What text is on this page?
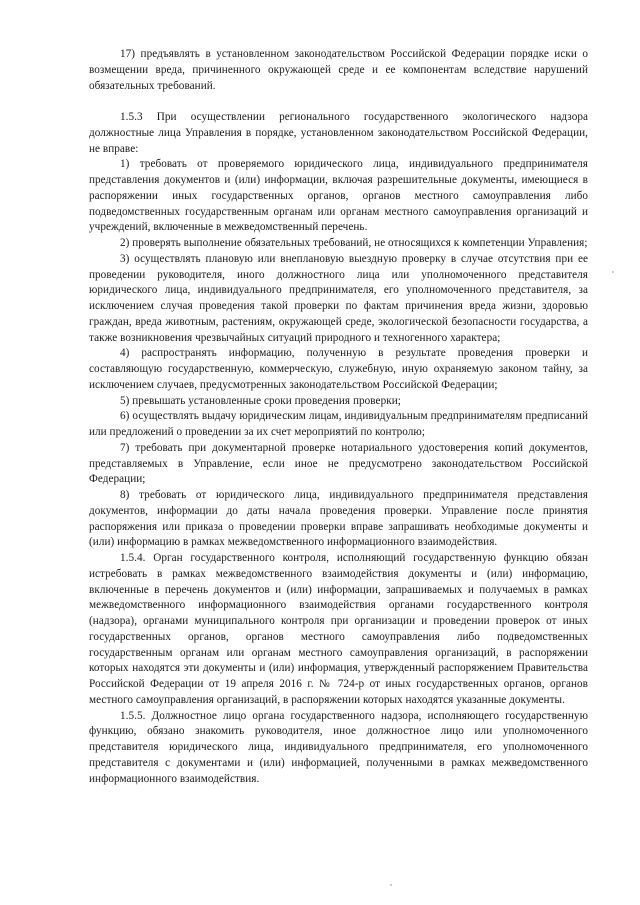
17) предъявлять в установленном законодательством Российской Федерации порядке иски о возмещении вреда, причиненного окружающей среде и ее компонентам вследствие нарушений обязательных требований.

1.5.3 При осуществлении регионального государственного экологического надзора должностные лица Управления в порядке, установленном законодательством Российской Федерации, не вправе:

1) требовать от проверяемого юридического лица, индивидуального предпринимателя представления документов и (или) информации, включая разрешительные документы, имеющиеся в распоряжении иных государственных органов, органов местного самоуправления либо подведомственных государственным органам или органам местного самоуправления организаций и учреждений, включенные в межведомственный перечень.

2) проверять выполнение обязательных требований, не относящихся к компетенции Управления;

3) осуществлять плановую или внеплановую выездную проверку в случае отсутствия при ее проведении руководителя, иного должностного лица или уполномоченного представителя юридического лица, индивидуального предпринимателя, его уполномоченного представителя, за исключением случая проведения такой проверки по фактам причинения вреда жизни, здоровью граждан, вреда животным, растениям, окружающей среде, экологической безопасности государства, а также возникновения чрезвычайных ситуаций природного и техногенного характера;

4) распространять информацию, полученную в результате проведения проверки и составляющую государственную, коммерческую, служебную, иную охраняемую законом тайну, за исключением случаев, предусмотренных законодательством Российской Федерации;

5) превышать установленные сроки проведения проверки;

6) осуществлять выдачу юридическим лицам, индивидуальным предпринимателям предписаний или предложений о проведении за их счет мероприятий по контролю;

7) требовать при документарной проверке нотариального удостоверения копий документов, представляемых в Управление, если иное не предусмотрено законодательством Российской Федерации;

8) требовать от юридического лица, индивидуального предпринимателя представления документов, информации до даты начала проведения проверки. Управление после принятия распоряжения или приказа о проведении проверки вправе запрашивать необходимые документы и (или) информацию в рамках межведомственного информационного взаимодействия.

1.5.4. Орган государственного контроля, исполняющий государственную функцию обязан истребовать в рамках межведомственного взаимодействия документы и (или) информацию, включенные в перечень документов и (или) информации, запрашиваемых и получаемых в рамках межведомственного информационного взаимодействия органами государственного контроля (надзора), органами муниципального контроля при организации и проведении проверок от иных государственных органов, органов местного самоуправления либо подведомственных государственным органам или органам местного самоуправления организаций, в распоряжении которых находятся эти документы и (или) информация, утвержденный распоряжением Правительства Российской Федерации от 19 апреля 2016 г. № 724-р от иных государственных органов, органов местного самоуправления организаций, в распоряжении которых находятся указанные документы.

1.5.5. Должностное лицо органа государственного надзора, исполняющего государственную функцию, обязано знакомить руководителя, иное должностное лицо или уполномоченного представителя юридического лица, индивидуального предпринимателя, его уполномоченного представителя с документами и (или) информацией, полученными в рамках межведомственного информационного взаимодействия.
